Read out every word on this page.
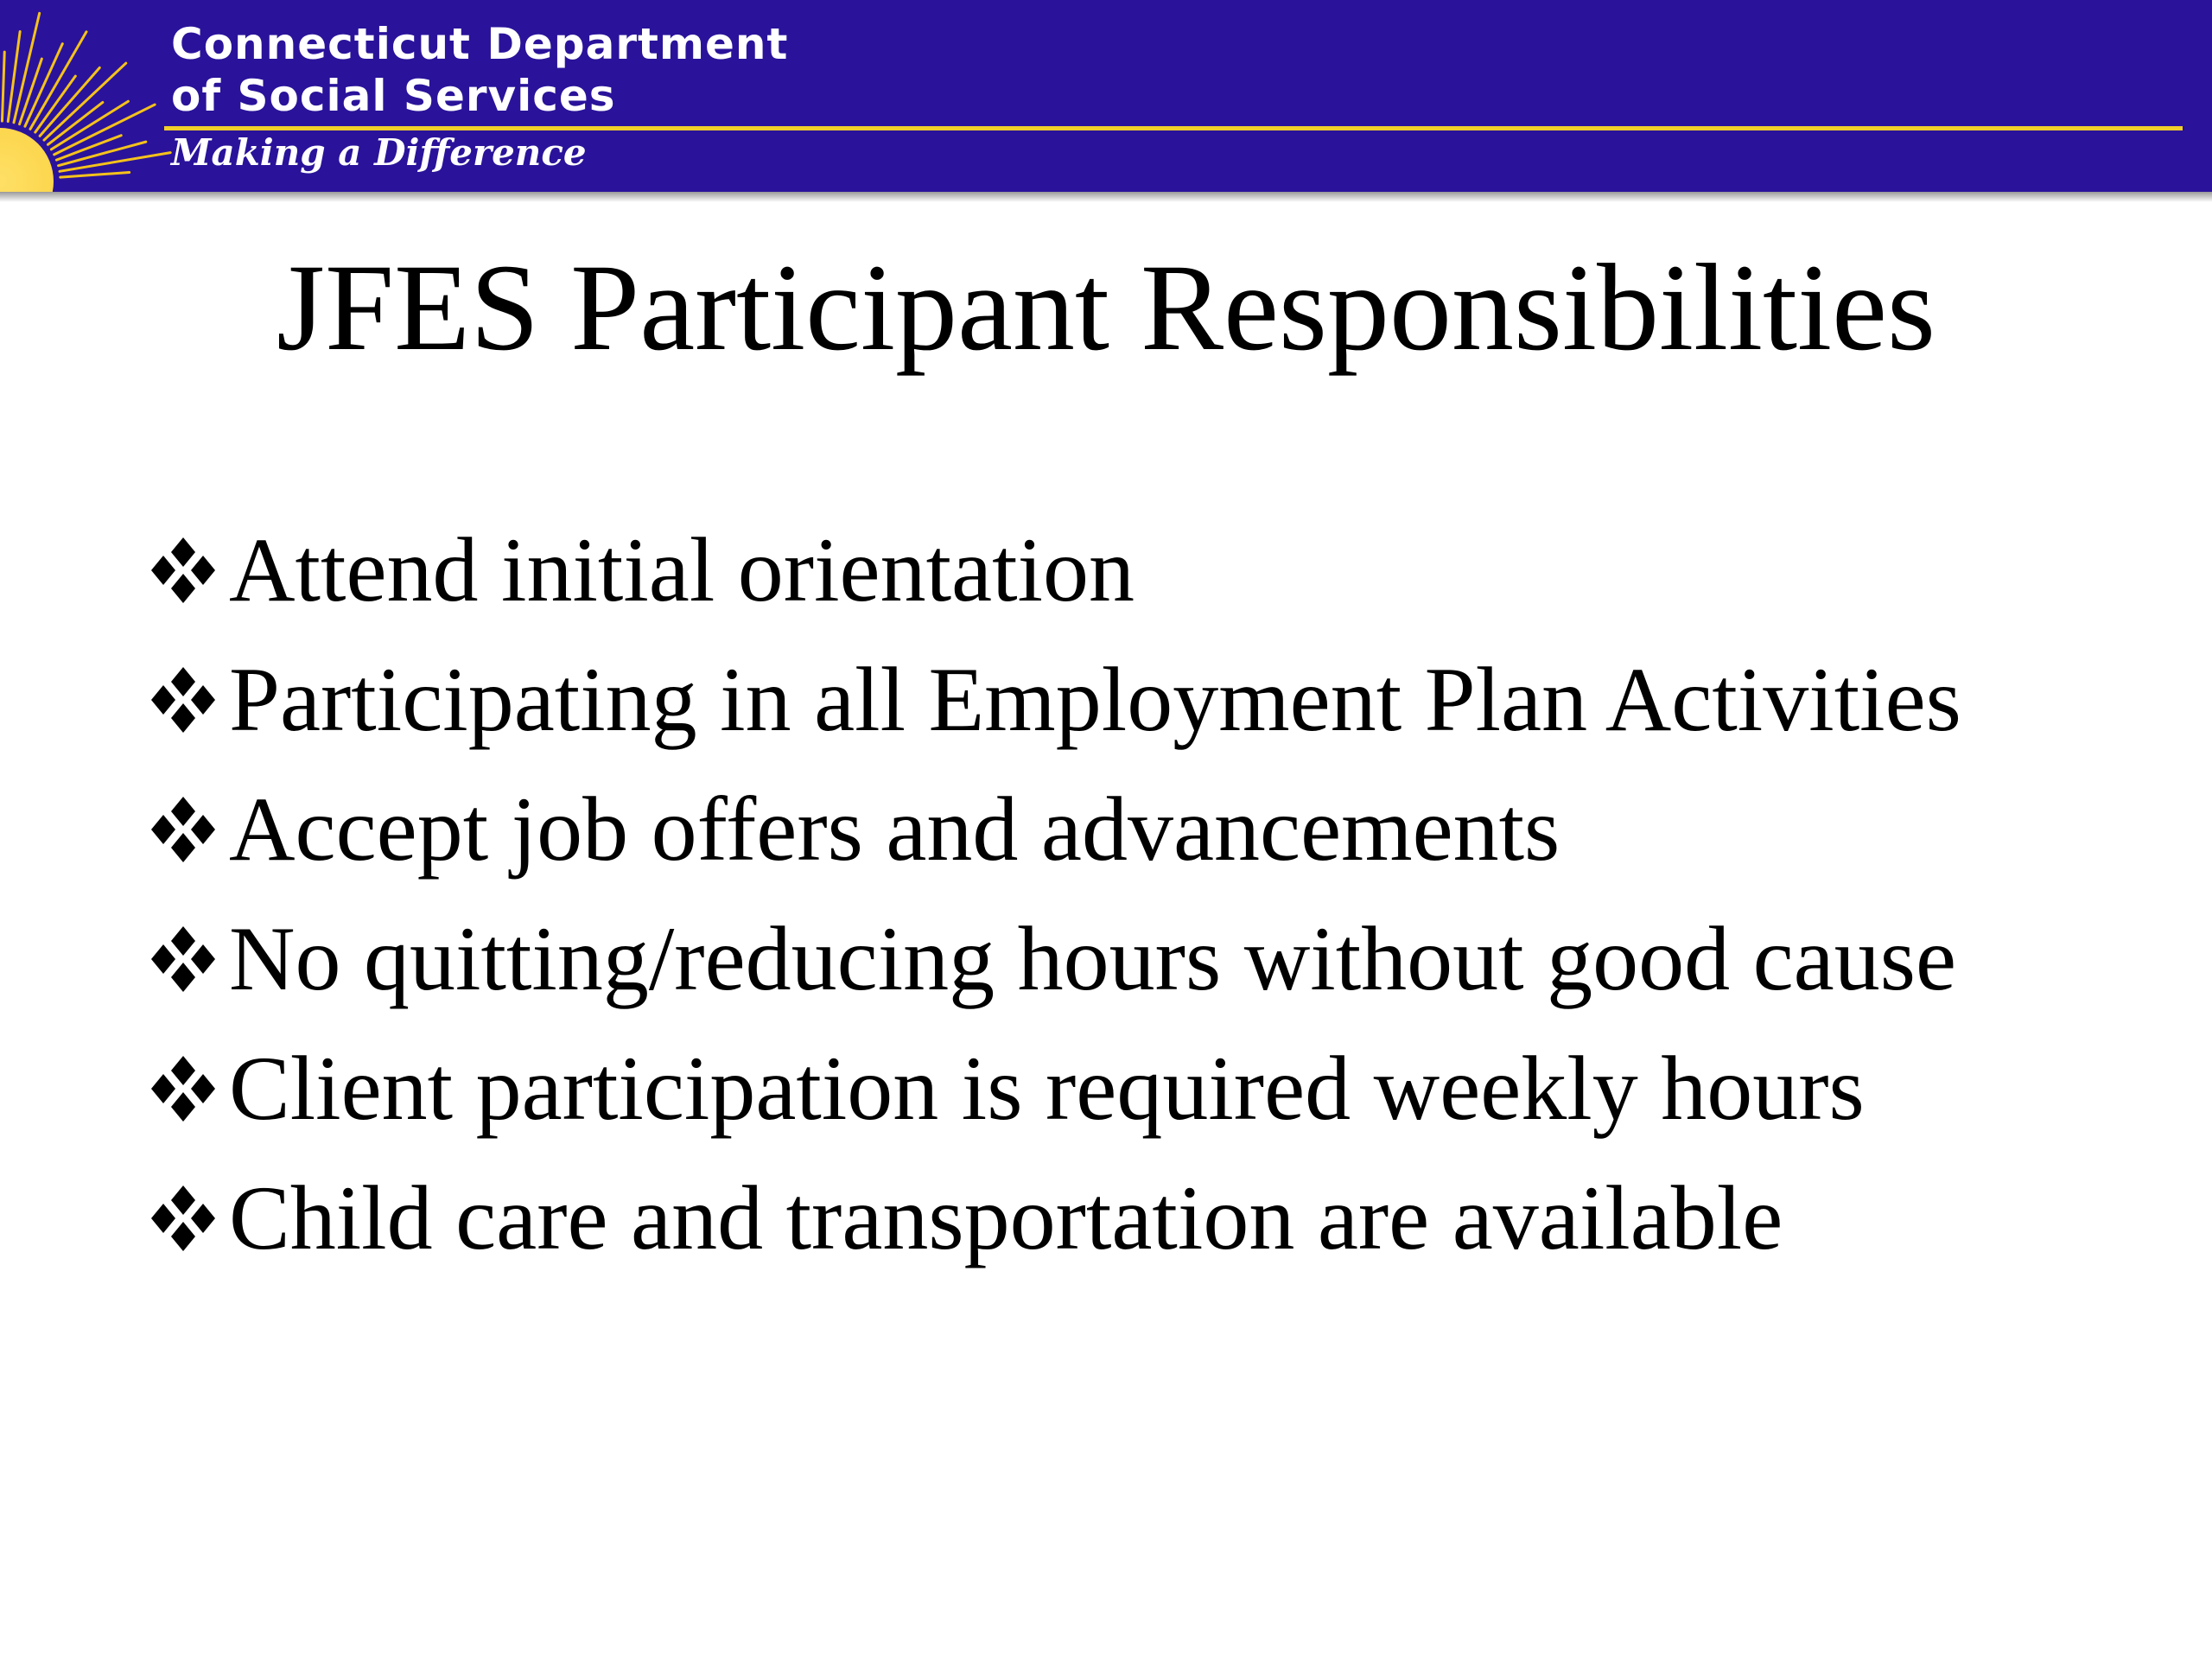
Connecticut Department
of Social Services
Making a Difference
JFES Participant Responsibilities
Attend initial orientation
Participating in all Employment Plan Activities
Accept job offers and advancements
No quitting/reducing hours without good cause
Client participation is required weekly hours
Child care and transportation are available
